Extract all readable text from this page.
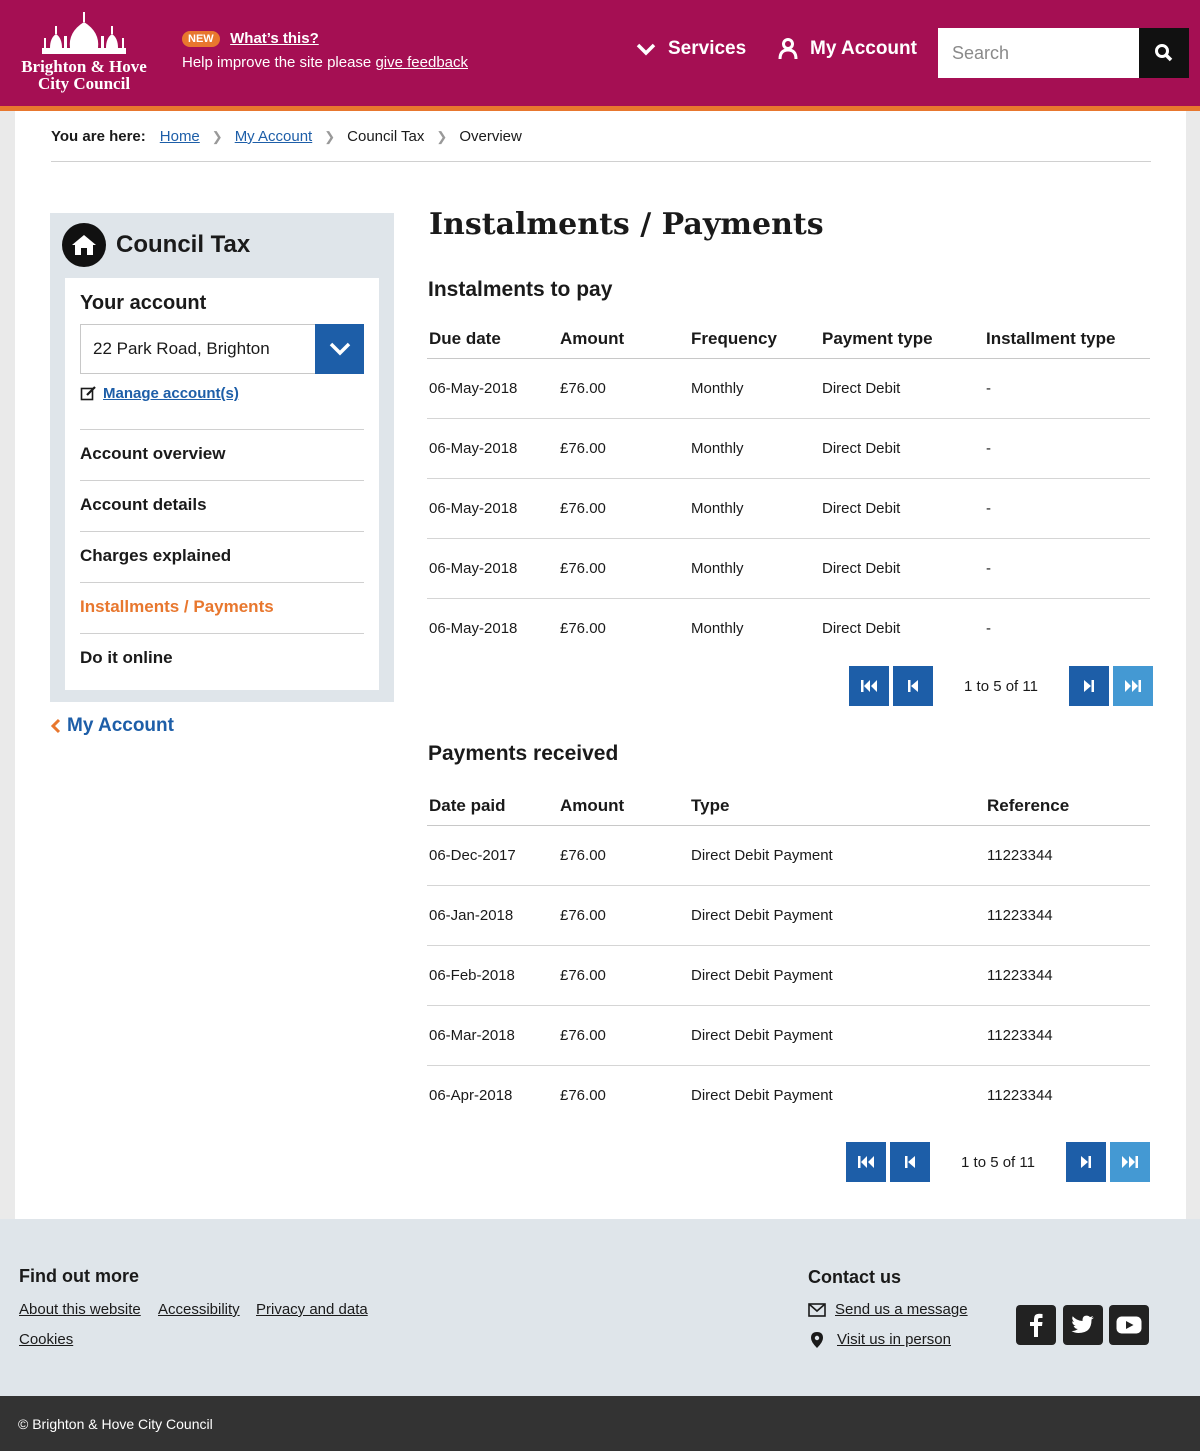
Brighton & Hove
City Council
NEW What’s this?
Help improve the site please give feedback
Services	My Account
Search
You are here: Home ❯ My Account ❯ Council Tax ❯ Overview
Council Tax
Your account
22 Park Road, Brighton
Manage account(s)
Account overview
Account details
Charges explained
Installments / Payments
Do it online
My Account
Instalments / Payments
Instalments to pay
Due date	Amount	Frequency	Payment type	Installment type
06-May-2018	£76.00	Monthly	Direct Debit	-
06-May-2018	£76.00	Monthly	Direct Debit	-
06-May-2018	£76.00	Monthly	Direct Debit	-
06-May-2018	£76.00	Monthly	Direct Debit	-
06-May-2018	£76.00	Monthly	Direct Debit	-
1 to 5 of 11
Payments received
Date paid	Amount	Type	Reference
06-Dec-2017	£76.00	Direct Debit Payment	11223344
06-Jan-2018	£76.00	Direct Debit Payment	11223344
06-Feb-2018	£76.00	Direct Debit Payment	11223344
06-Mar-2018	£76.00	Direct Debit Payment	11223344
06-Apr-2018	£76.00	Direct Debit Payment	11223344
1 to 5 of 11
Find out more
About this website Accessibility Privacy and data
Cookies
Contact us
Send us a message
Visit us in person
© Brighton & Hove City Council
